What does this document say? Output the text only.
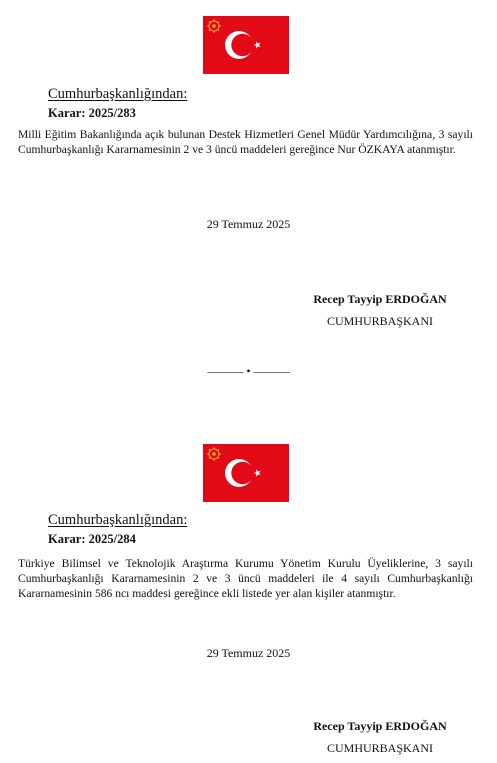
Cumhurbaşkanlığından:
Karar: 2025/283
Milli Eğitim Bakanlığında açık bulunan Destek Hizmetleri Genel Müdür Yardımcılığına, 3 sayılı Cumhurbaşkanlığı Kararnamesinin 2 ve 3 üncü maddeleri gereğince Nur ÖZKAYA atanmıştır.
29 Temmuz 2025
Recep Tayyip ERDOĞAN
CUMHURBAŞKANI
——— • ———
Cumhurbaşkanlığından:
Karar: 2025/284
Türkiye Bilimsel ve Teknolojik Araştırma Kurumu Yönetim Kurulu Üyeliklerine, 3 sayılı Cumhurbaşkanlığı Kararnamesinin 2 ve 3 üncü maddeleri ile 4 sayılı Cumhurbaşkanlığı Kararnamesinin 586 ncı maddesi gereğince ekli listede yer alan kişiler atanmıştır.
29 Temmuz 2025
Recep Tayyip ERDOĞAN
CUMHURBAŞKANI
